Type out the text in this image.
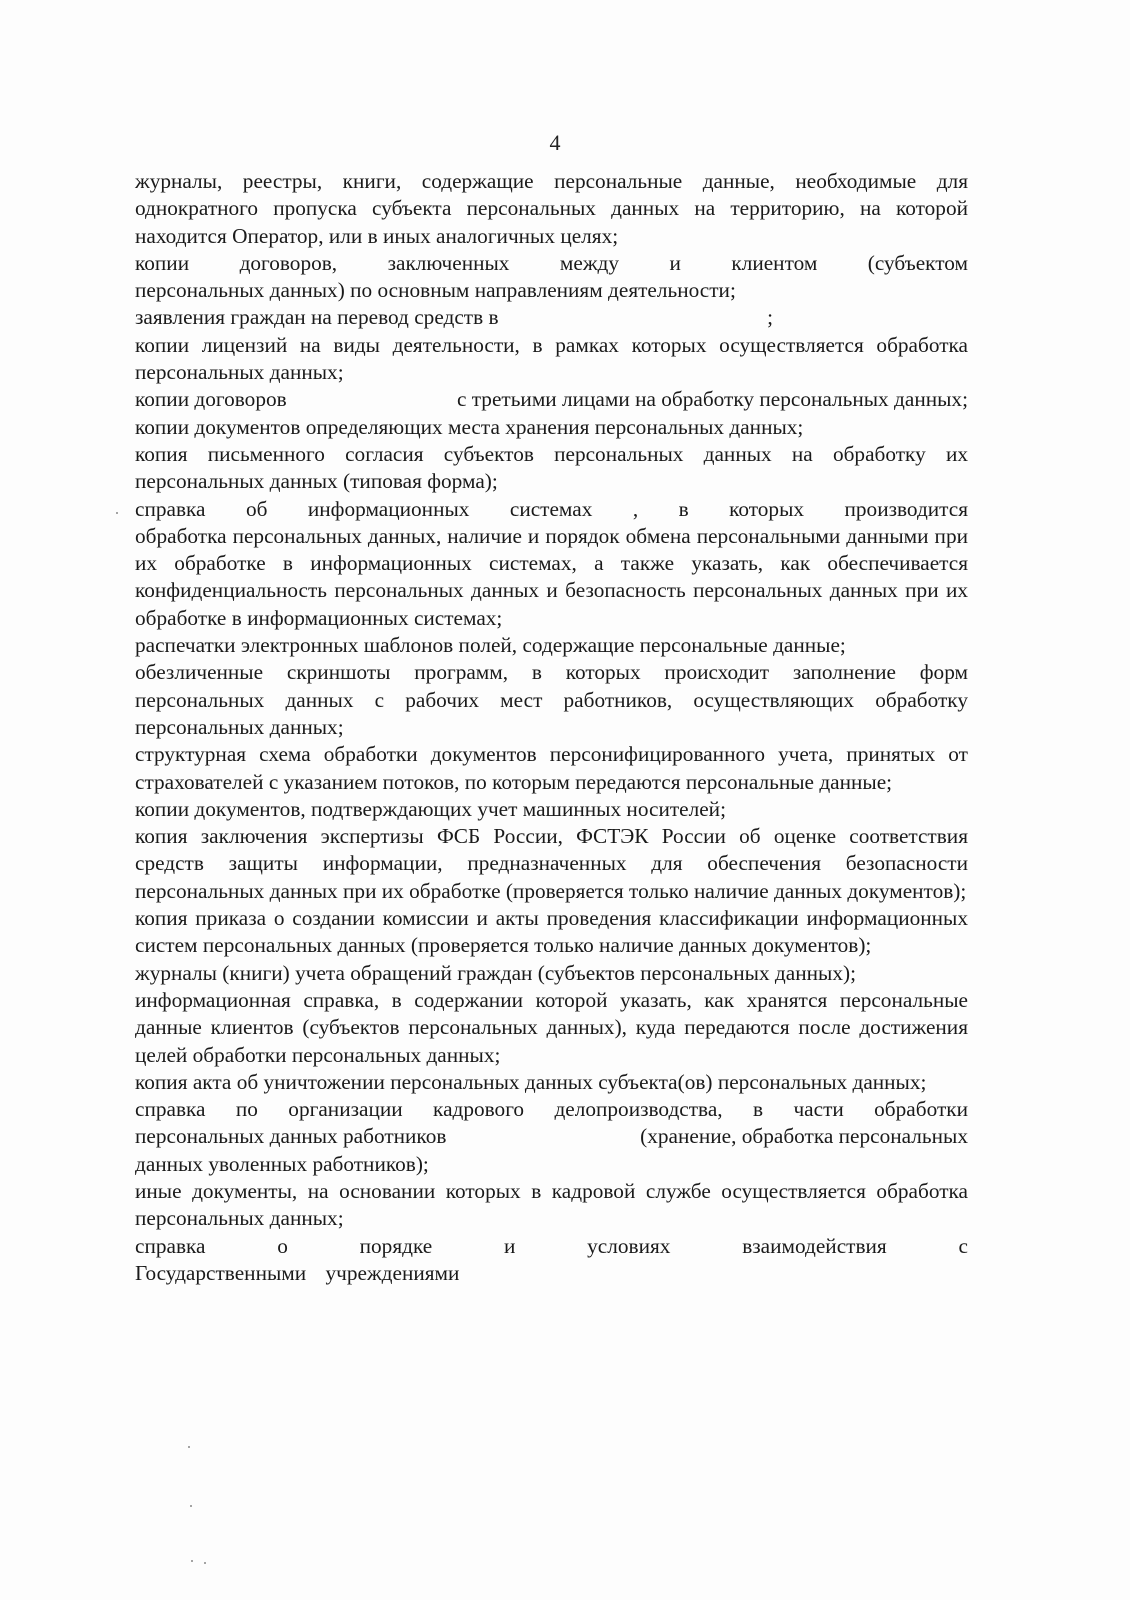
4

журналы, реестры, книги, содержащие персональные данные, необходимые для однократного пропуска субъекта персональных данных на территорию, на которой находится Оператор, или в иных аналогичных целях;

копии договоров, заключенных между и клиентом (субъектом

персональных данных) по основным направлениям деятельности;

заявления граждан на перевод средств в	;

копии лицензий на виды деятельности, в рамках которых осуществляется обработка персональных данных;

копии договоров	с третьими лицами на обработку персональных данных;

копии документов определяющих места хранения персональных данных;

копия письменного согласия субъектов персональных данных на обработку их персональных данных (типовая форма);

справка об информационных системах , в которых производится

обработка персональных данных, наличие и порядок обмена персональными данными при их обработке в информационных системах, а также указать, как обеспечивается конфиденциальность персональных данных и безопасность персональных данных при их обработке в информационных системах;

распечатки электронных шаблонов полей, содержащие персональные данные;

обезличенные скриншоты программ, в которых происходит заполнение форм персональных данных с рабочих мест работников, осуществляющих обработку персональных данных;

структурная схема обработки документов персонифицированного учета, принятых от страхователей с указанием потоков, по которым передаются персональные данные;

копии документов, подтверждающих учет машинных носителей;

копия заключения экспертизы ФСБ России, ФСТЭК России об оценке соответствия средств защиты информации, предназначенных для обеспечения безопасности персональных данных при их обработке (проверяется только наличие данных документов);

копия приказа о создании комиссии и акты проведения классификации информационных систем персональных данных (проверяется только наличие данных документов);

журналы (книги) учета обращений граждан (субъектов персональных данных);

информационная справка, в содержании которой указать, как хранятся персональные данные клиентов (субъектов персональных данных), куда передаются после достижения целей обработки персональных данных;

копия акта об уничтожении персональных данных субъекта(ов) персональных данных;

справка по организации кадрового делопроизводства, в части обработки

персональных данных работников	(хранение, обработка персональных

данных уволенных работников);

иные документы, на основании которых в кадровой службе осуществляется обработка персональных данных;

справка	о	порядке	и	условиях	взаимодействия	с

Государственными учреждениями
